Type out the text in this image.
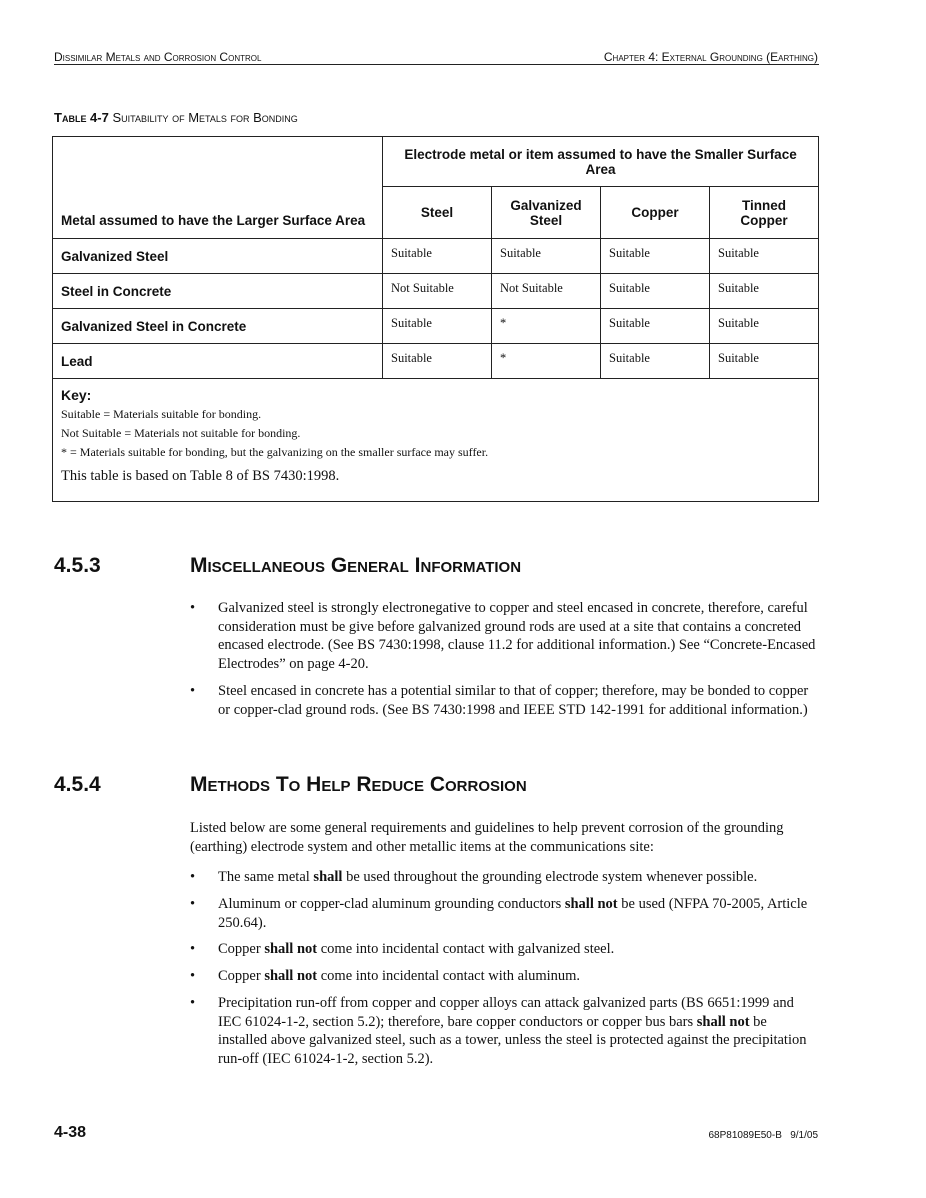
Dissimilar Metals and Corrosion Control	Chapter 4: External Grounding (Earthing)
Table 4-7 Suitability of Metals for Bonding
Metal assumed to have the Larger Surface Area	Electrode metal or item assumed to have the Smaller Surface Area			
	Steel	Galvanized Steel	Copper	Tinned Copper
Galvanized Steel	Suitable	Suitable	Suitable	Suitable
Steel in Concrete	Not Suitable	Not Suitable	Suitable	Suitable
Galvanized Steel in Concrete	Suitable	*	Suitable	Suitable
Lead	Suitable	*	Suitable	Suitable

Key:
Suitable = Materials suitable for bonding.
Not Suitable = Materials not suitable for bonding.
* = Materials suitable for bonding, but the galvanizing on the smaller surface may suffer.
This table is based on Table 8 of BS 7430:1998.				
4.5.3	Miscellaneous General Information
• Galvanized steel is strongly electronegative to copper and steel encased in concrete, therefore, careful consideration must be give before galvanized ground rods are used at a site that contains a concreted encased electrode. (See BS 7430:1998, clause 11.2 for additional information.) See “Concrete-Encased Electrodes” on page 4-20.

• Steel encased in concrete has a potential similar to that of copper; therefore, may be bonded to copper or copper-clad ground rods. (See BS 7430:1998 and IEEE STD 142-1991 for additional information.)

4.5.4	Methods To Help Reduce Corrosion

Listed below are some general requirements and guidelines to help prevent corrosion of the grounding (earthing) electrode system and other metallic items at the communications site:

• The same metal shall be used throughout the grounding electrode system whenever possible.

• Aluminum or copper-clad aluminum grounding conductors shall not be used (NFPA 70-2005, Article 250.64).

• Copper shall not come into incidental contact with galvanized steel.

• Copper shall not come into incidental contact with aluminum.

• Precipitation run-off from copper and copper alloys can attack galvanized parts (BS 6651:1999 and IEC 61024-1-2, section 5.2); therefore, bare copper conductors or copper bus bars shall not be installed above galvanized steel, such as a tower, unless the steel is protected against the precipitation run-off (IEC 61024-1-2, section 5.2).

4-38	68P81089E50-B   9/1/05
